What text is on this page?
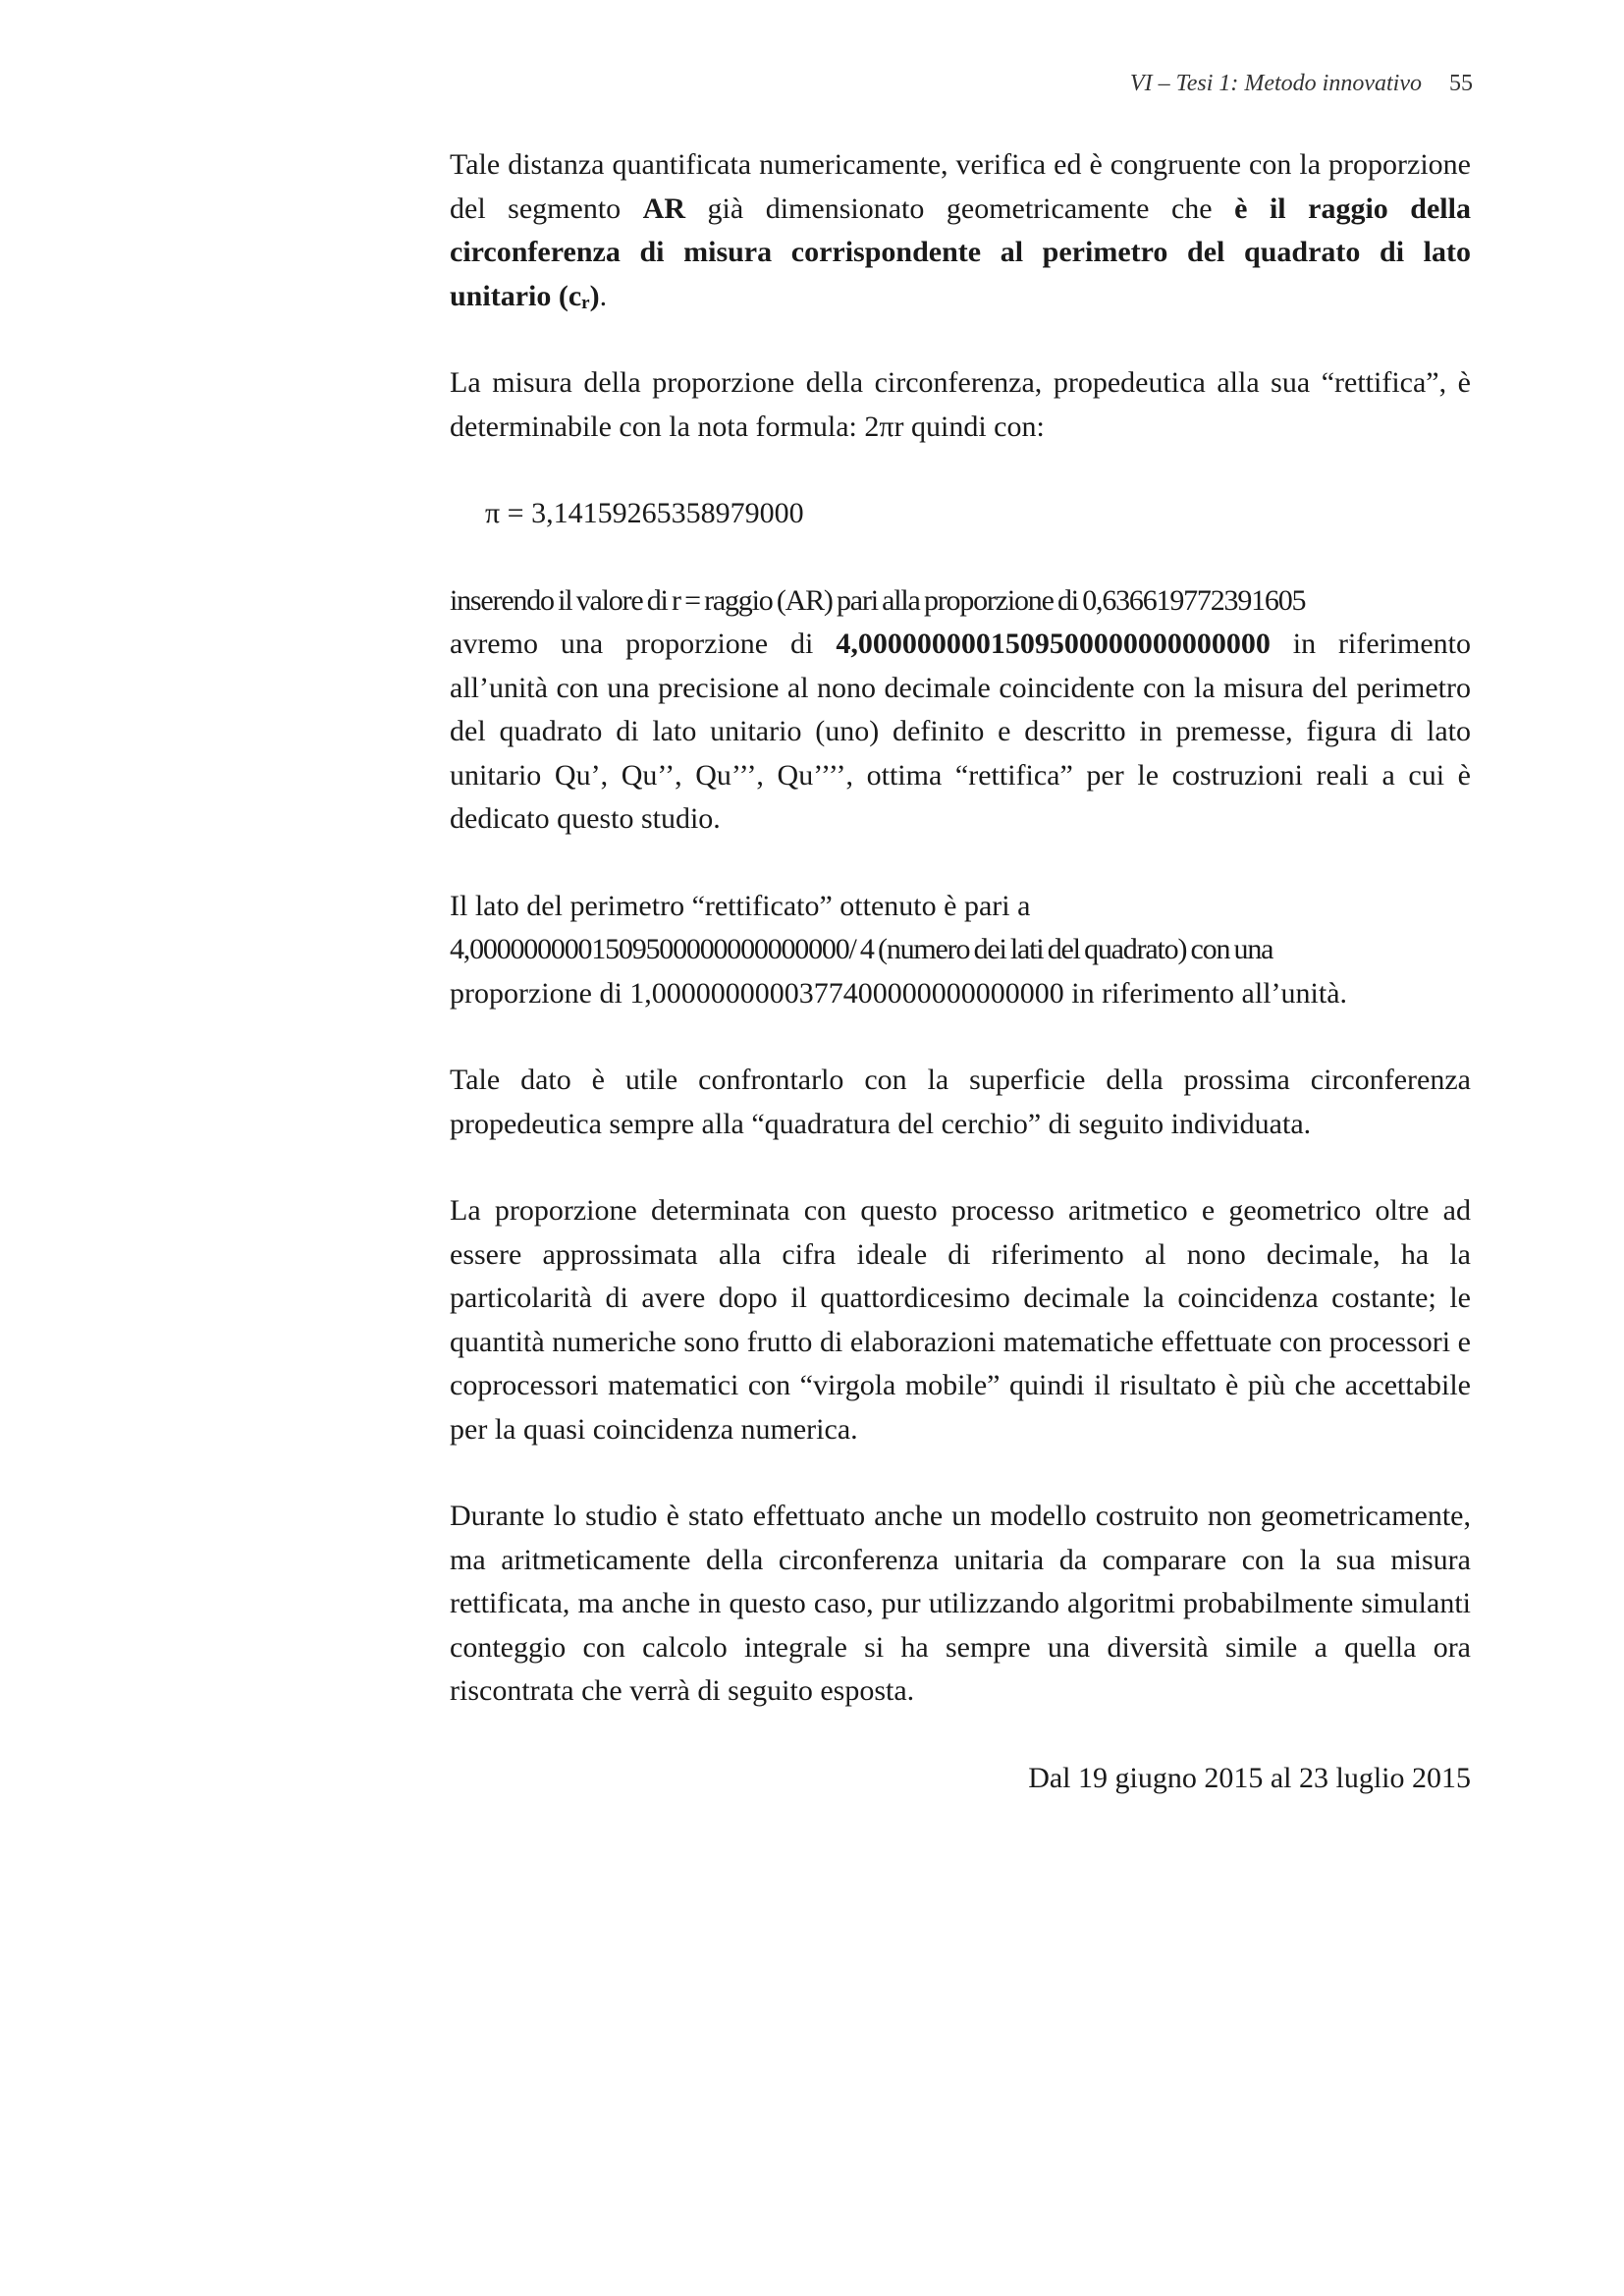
VI – Tesi 1: Metodo innovativo 55

Tale distanza quantificata numericamente, verifica ed è congruente con la proporzione del segmento AR già dimensionato geometricamente che è il raggio della circonferenza di misura corrispondente al perimetro del quadrato di lato unitario $(c_r)$.

La misura della proporzione della circonferenza, propedeutica alla sua “rettifica”, è determinabile con la nota formula: 2πr quindi con:

π = 3,14159265358979000

inserendo il valore di r = raggio (AR) pari alla proporzione di 0,636619772391605
avremo una proporzione di 4,0000000001509500000000000000 in riferimento all’unità con una precisione al nono decimale coincidente con la misura del perimetro del quadrato di lato unitario (uno) definito e descritto in premesse, figura di lato unitario Qu’, Qu’’, Qu’’’, Qu’’’’, ottima “rettifica” per le costruzioni reali a cui è dedicato questo studio.

Il lato del perimetro “rettificato” ottenuto è pari a
4,0000000001509500000000000000/ 4 (numero dei lati del quadrato) con una
proporzione di 1,0000000000377400000000000000 in riferimento all’unità.

Tale dato è utile confrontarlo con la superficie della prossima circonferenza propedeutica sempre alla “quadratura del cerchio” di seguito individuata.

La proporzione determinata con questo processo aritmetico e geometrico oltre ad essere approssimata alla cifra ideale di riferimento al nono decimale, ha la particolarità di avere dopo il quattordicesimo decimale la coincidenza costante; le quantità numeriche sono frutto di elaborazioni matematiche effettuate con processori e coprocessori matematici con “virgola mobile” quindi il risultato è più che accettabile per la quasi coincidenza numerica.

Durante lo studio è stato effettuato anche un modello costruito non geometricamente, ma aritmeticamente della circonferenza unitaria da comparare con la sua misura rettificata, ma anche in questo caso, pur utilizzando algoritmi probabilmente simulanti conteggio con calcolo integrale si ha sempre una diversità simile a quella ora riscontrata che verrà di seguito esposta.

Dal 19 giugno 2015 al 23 luglio 2015
